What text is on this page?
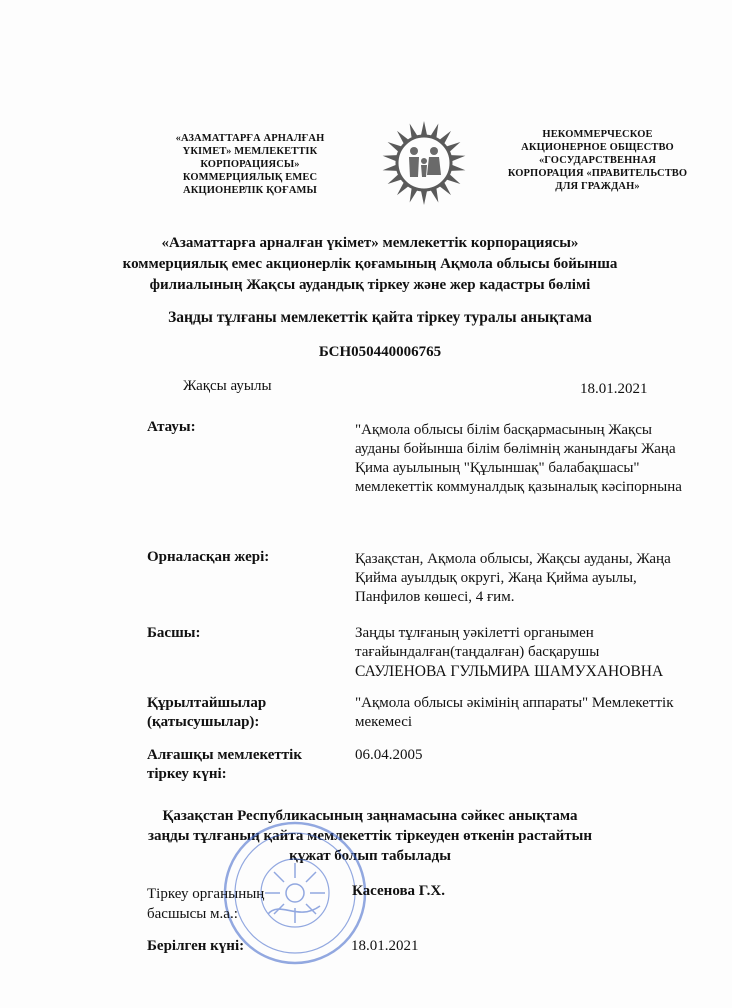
«АЗАМАТТАРҒА АРНАЛҒАН ҮКІМЕТ» МЕМЛЕКЕТТІК КОРПОРАЦИЯСЫ» КОММЕРЦИЯЛЫҚ ЕМЕС АКЦИОНЕРЛІК ҚОҒАМЫ
НЕКОММЕРЧЕСКОЕ АКЦИОНЕРНОЕ ОБЩЕСТВО «ГОСУДАРСТВЕННАЯ КОРПОРАЦИЯ «ПРАВИТЕЛЬСТВО ДЛЯ ГРАЖДАН»
«Азаматтарға арналған үкімет» мемлекеттік корпорациясы» коммерциялық емес акционерлік қоғамының Ақмола облысы бойынша филиалының Жақсы аудандық тіркеу және жер кадастры бөлімі
Заңды тұлғаны мемлекеттік қайта тіркеу туралы анықтама
БСН050440006765
Жақсы ауылы	18.01.2021
Атауы:	"Ақмола облысы білім басқармасының Жақсы ауданы бойынша білім бөлімнің жанындағы Жаңа Қима ауылының "Құлыншақ" балабақшасы" мемлекеттік коммуналдық қазыналық кәсіпорнына
Орналасқан жері:	Қазақстан, Ақмола облысы, Жақсы ауданы, Жаңа Қийма ауылдық округі, Жаңа Қийма ауылы, Панфилов көшесі, 4 ғим.
Басшы:	Заңды тұлғаның уәкілетті органымен тағайындалған(таңдалған) басқарушы
САУЛЕНОВА ГУЛЬМИРА ШАМУХАНОВНА
Құрылтайшылар (қатысушылар):
"Ақмола облысы әкімінің аппараты" Мемлекеттік мекемесі
Алғашқы мемлекеттік тіркеу күні:
06.04.2005
Қазақстан Республикасының заңнамасына сәйкес анықтама заңды тұлғаның қайта мемлекеттік тіркеуден өткенін растайтын құжат болып табылады
Тіркеу органының басшысы м.а.:
Касенова Г.Х.
Берілген күні:	18.01.2021
